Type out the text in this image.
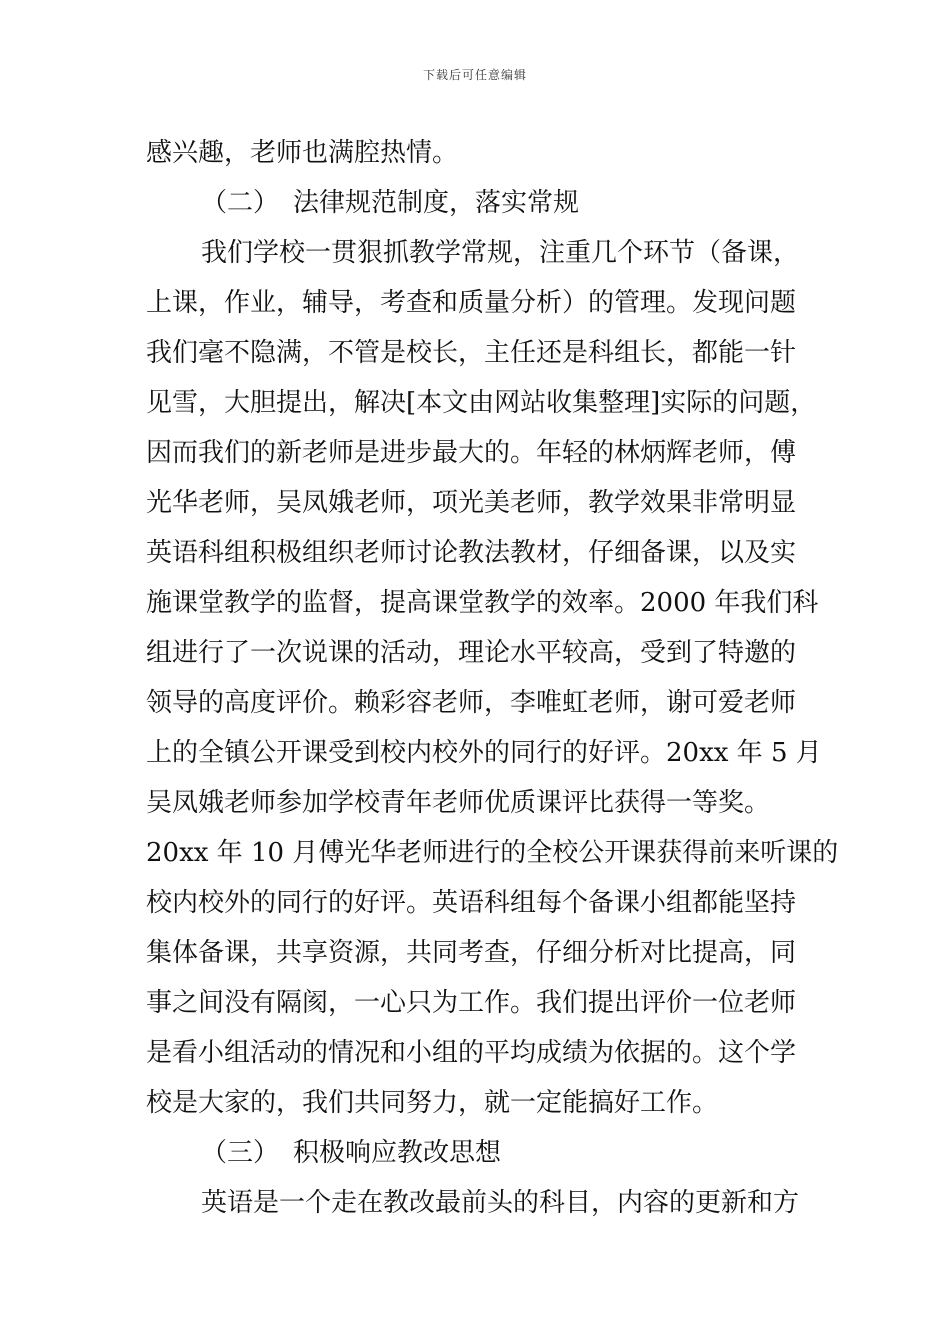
下载后可任意编辑
感兴趣，老师也满腔热情。
（二） 法律规范制度，落实常规
我们学校一贯狠抓教学常规，注重几个环节（备课，
上课，作业，辅导，考查和质量分析）的管理。发现问题
我们毫不隐满，不管是校长，主任还是科组长，都能一针
见雪，大胆提出，解决[本文由网站收集整理]实际的问题，
因而我们的新老师是进步最大的。年轻的林炳辉老师，傅
光华老师，吴凤娥老师，项光美老师，教学效果非常明显
英语科组积极组织老师讨论教法教材，仔细备课，以及实
施课堂教学的监督，提高课堂教学的效率。2000 年我们科
组进行了一次说课的活动，理论水平较高，受到了特邀的
领导的高度评价。赖彩容老师，李唯虹老师，谢可爱老师
上的全镇公开课受到校内校外的同行的好评。20xx 年 5 月
吴凤娥老师参加学校青年老师优质课评比获得一等奖。
20xx 年 10 月傅光华老师进行的全校公开课获得前来听课的
校内校外的同行的好评。英语科组每个备课小组都能坚持
集体备课，共享资源，共同考查，仔细分析对比提高，同
事之间没有隔阂，一心只为工作。我们提出评价一位老师
是看小组活动的情况和小组的平均成绩为依据的。这个学
校是大家的，我们共同努力，就一定能搞好工作。
（三） 积极响应教改思想
英语是一个走在教改最前头的科目，内容的更新和方
